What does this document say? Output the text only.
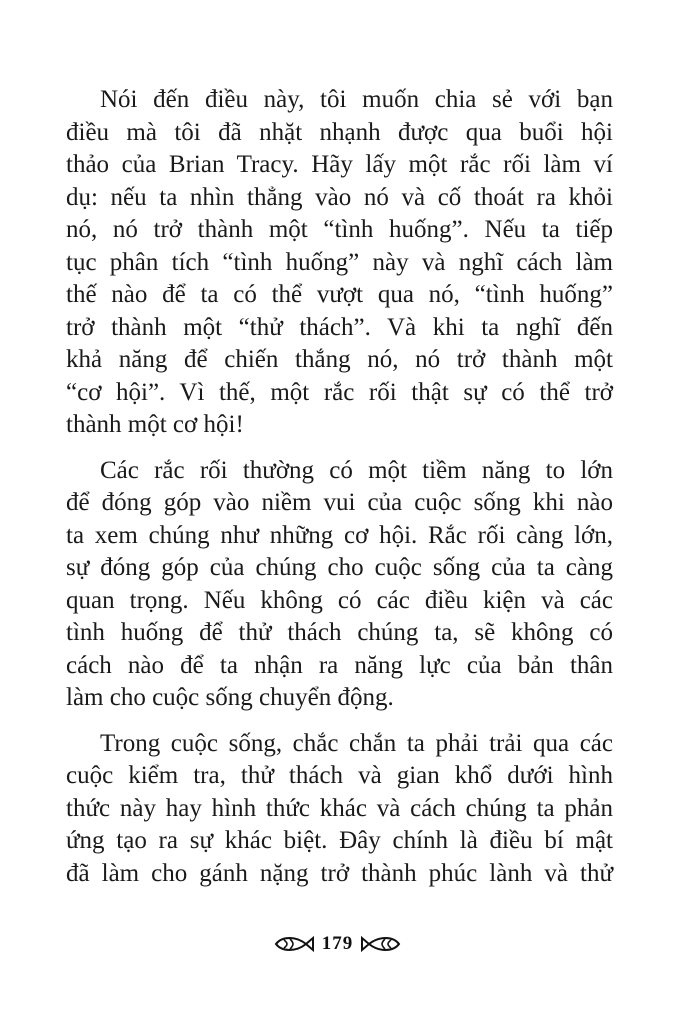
Nói đến điều này, tôi muốn chia sẻ với bạn
điều mà tôi đã nhặt nhạnh được qua buổi hội
thảo của Brian Tracy. Hãy lấy một rắc rối làm ví
dụ: nếu ta nhìn thẳng vào nó và cố thoát ra khỏi
nó, nó trở thành một “tình huống”. Nếu ta tiếp
tục phân tích “tình huống” này và nghĩ cách làm
thế nào để ta có thể vượt qua nó, “tình huống”
trở thành một “thử thách”. Và khi ta nghĩ đến
khả năng để chiến thắng nó, nó trở thành một
“cơ hội”. Vì thế, một rắc rối thật sự có thể trở
thành một cơ hội!
Các rắc rối thường có một tiềm năng to lớn
để đóng góp vào niềm vui của cuộc sống khi nào
ta xem chúng như những cơ hội. Rắc rối càng lớn,
sự đóng góp của chúng cho cuộc sống của ta càng
quan trọng. Nếu không có các điều kiện và các
tình huống để thử thách chúng ta, sẽ không có
cách nào để ta nhận ra năng lực của bản thân
làm cho cuộc sống chuyển động.
Trong cuộc sống, chắc chắn ta phải trải qua các
cuộc kiểm tra, thử thách và gian khổ dưới hình
thức này hay hình thức khác và cách chúng ta phản
ứng tạo ra sự khác biệt. Đây chính là điều bí mật
đã làm cho gánh nặng trở thành phúc lành và thử
179
